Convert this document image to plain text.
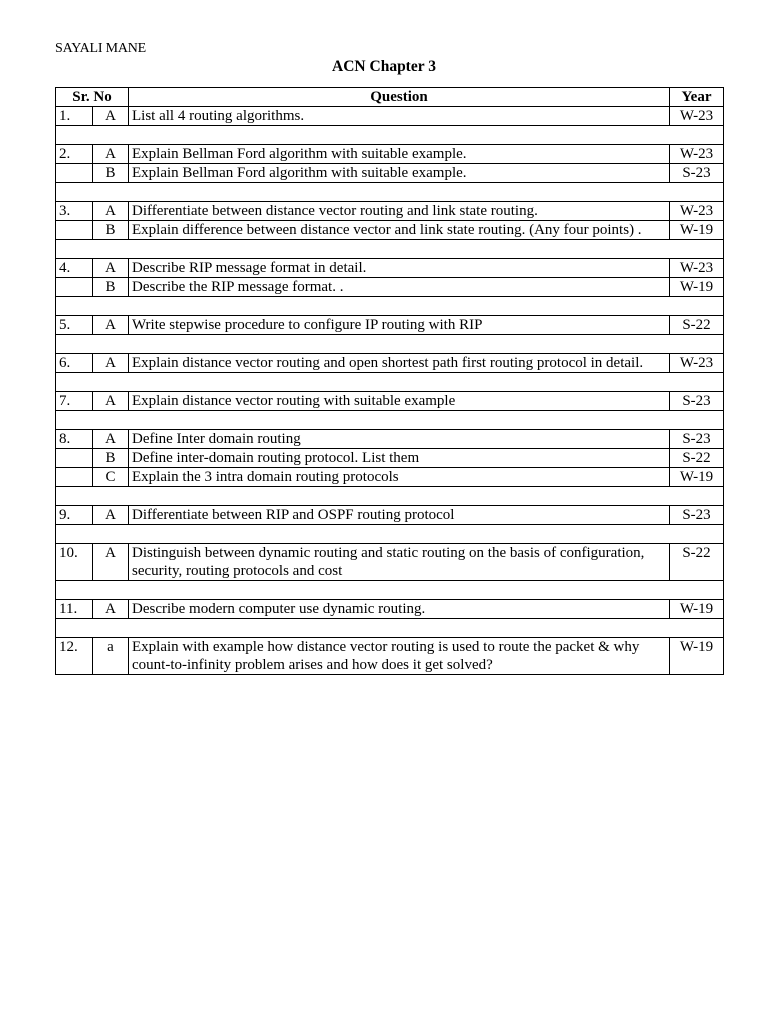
SAYALI MANE
ACN Chapter 3
Sr. No		Question	Year
1.	A	List all 4 routing algorithms.	W-23

2.	A	Explain Bellman Ford algorithm with suitable example.	W-23
	B	Explain Bellman Ford algorithm with suitable example.	S-23

3.	A	Differentiate between distance vector routing and link state routing.	W-23
	B	Explain difference between distance vector and link state routing. (Any four points) .	W-19

4.	A	Describe RIP message format in detail.	W-23
	B	Describe the RIP message format. .	W-19

5.	A	Write stepwise procedure to configure IP routing with RIP	S-22

6.	A	Explain distance vector routing and open shortest path first routing protocol in detail.	W-23

7.	A	Explain distance vector routing with suitable example	S-23

8.	A	Define Inter domain routing	S-23
	B	Define inter-domain routing protocol. List them	S-22
	C	Explain the 3 intra domain routing protocols	W-19

9.	A	Differentiate between RIP and OSPF routing protocol	S-23

10.	A	Distinguish between dynamic routing and static routing on the basis of configuration, security, routing protocols and cost	S-22

11.	A	Describe modern computer use dynamic routing.	W-19

12.	a	Explain with example how distance vector routing is used to route the packet & why count-to-infinity problem arises and how does it get solved?	W-19
